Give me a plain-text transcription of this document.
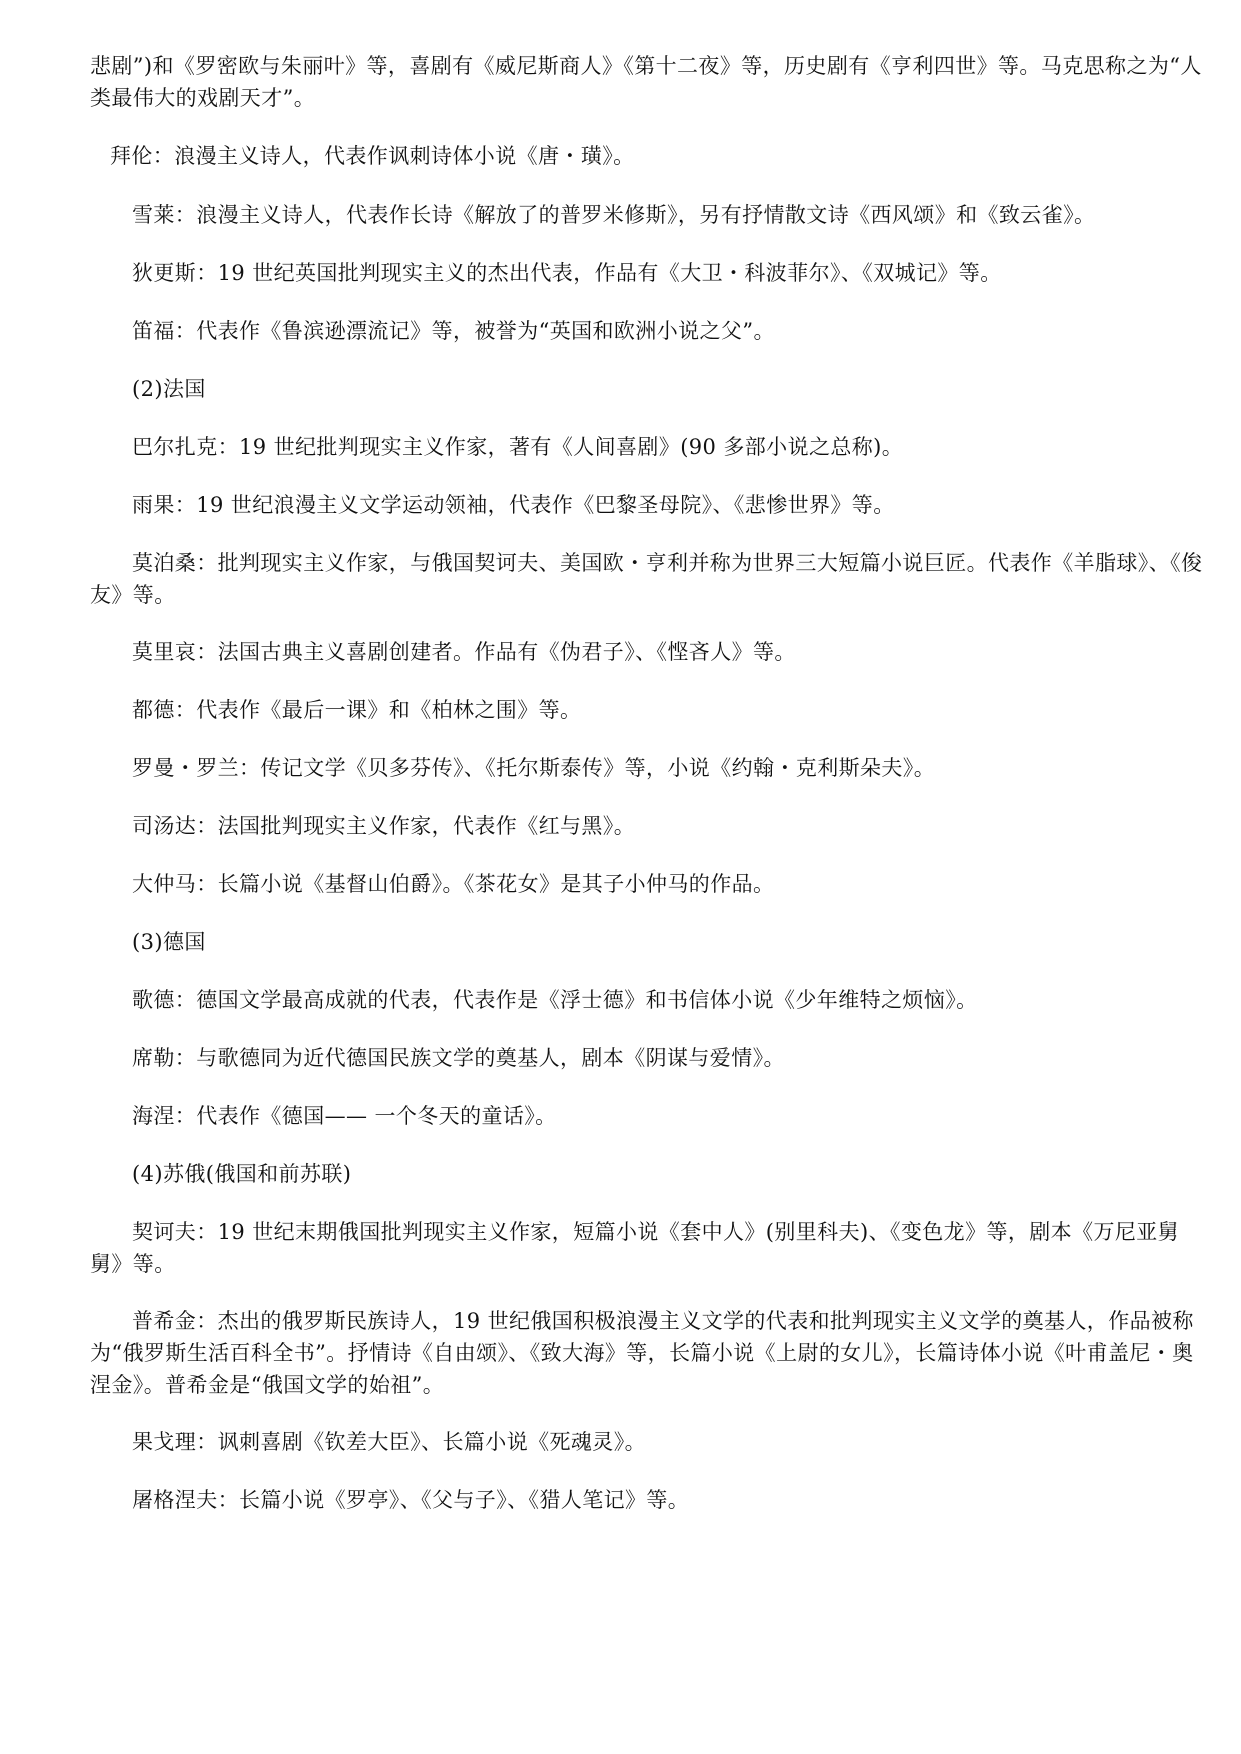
悲剧”)和《罗密欧与朱丽叶》等，喜剧有《威尼斯商人》《第十二夜》等，历史剧有《亨利四世》等。马克思称之为“人类最伟大的戏剧天才”。

拜伦：浪漫主义诗人，代表作讽刺诗体小说《唐・璜》。

雪莱：浪漫主义诗人，代表作长诗《解放了的普罗米修斯》，另有抒情散文诗《西风颂》和《致云雀》。

狄更斯：19 世纪英国批判现实主义的杰出代表，作品有《大卫・科波菲尔》、《双城记》等。

笛福：代表作《鲁滨逊漂流记》等，被誉为“英国和欧洲小说之父”。

(2)法国

巴尔扎克：19 世纪批判现实主义作家，著有《人间喜剧》(90 多部小说之总称)。

雨果：19 世纪浪漫主义文学运动领袖，代表作《巴黎圣母院》、《悲惨世界》等。

莫泊桑：批判现实主义作家，与俄国契诃夫、美国欧・亨利并称为世界三大短篇小说巨匠。代表作《羊脂球》、《俊友》等。

莫里哀：法国古典主义喜剧创建者。作品有《伪君子》、《悭吝人》等。

都德：代表作《最后一课》和《柏林之围》等。

罗曼・罗兰：传记文学《贝多芬传》、《托尔斯泰传》等，小说《约翰・克利斯朵夫》。

司汤达：法国批判现实主义作家，代表作《红与黑》。

大仲马：长篇小说《基督山伯爵》。《茶花女》是其子小仲马的作品。

(3)德国

歌德：德国文学最高成就的代表，代表作是《浮士德》和书信体小说《少年维特之烦恼》。

席勒：与歌德同为近代德国民族文学的奠基人，剧本《阴谋与爱情》。

海涅：代表作《德国—— 一个冬天的童话》。

(4)苏俄(俄国和前苏联)

契诃夫：19 世纪末期俄国批判现实主义作家，短篇小说《套中人》(别里科夫)、《变色龙》等，剧本《万尼亚舅舅》等。

普希金：杰出的俄罗斯民族诗人，19 世纪俄国积极浪漫主义文学的代表和批判现实主义文学的奠基人，作品被称为“俄罗斯生活百科全书”。抒情诗《自由颂》、《致大海》等，长篇小说《上尉的女儿》，长篇诗体小说《叶甫盖尼・奥涅金》。普希金是“俄国文学的始祖”。

果戈理：讽刺喜剧《钦差大臣》、长篇小说《死魂灵》。

屠格涅夫：长篇小说《罗亭》、《父与子》、《猎人笔记》等。
